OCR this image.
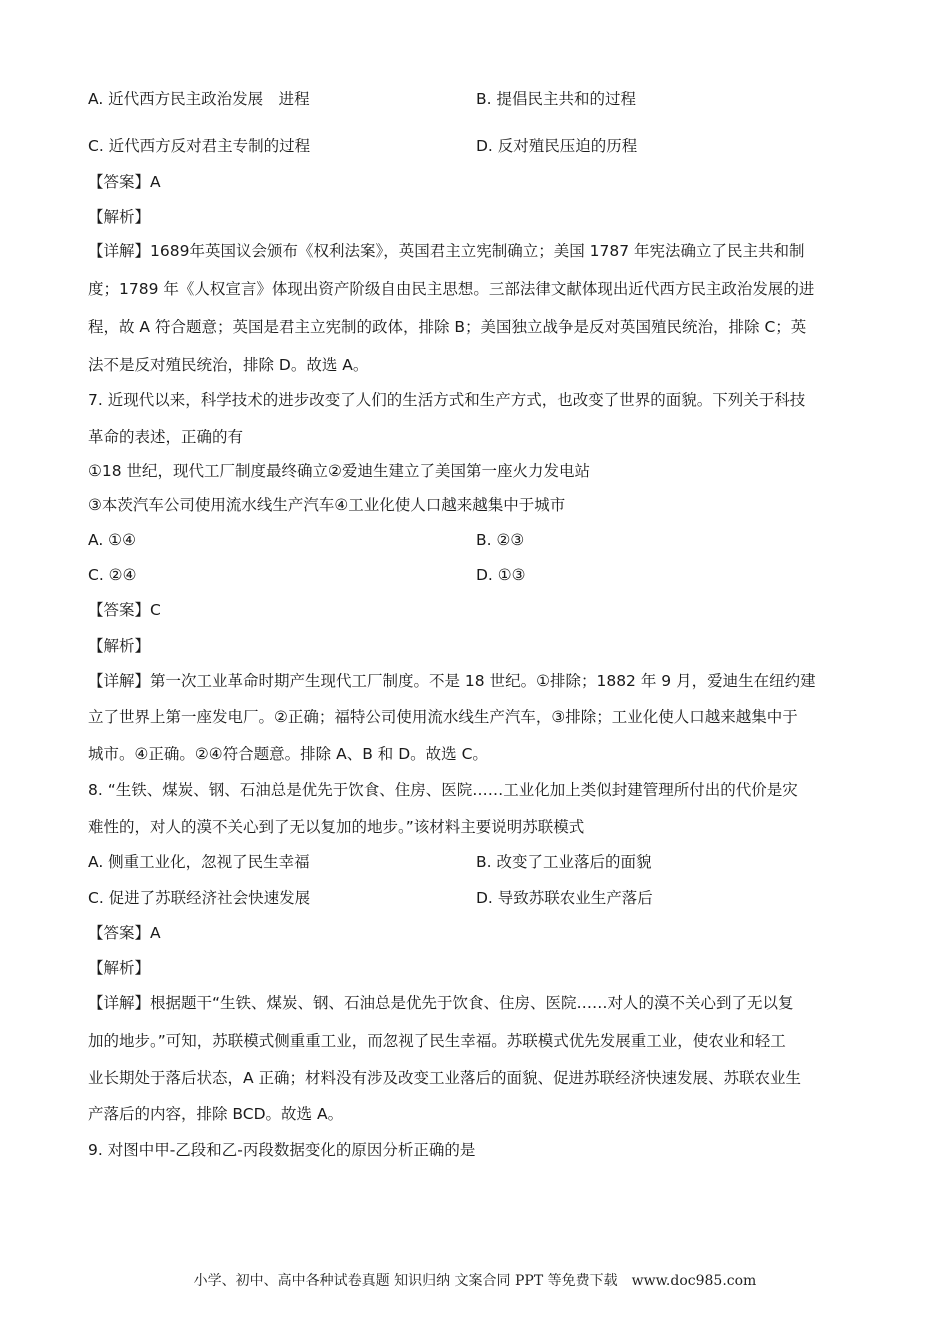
A. 近代西方民主政治发展　进程	B. 提倡民主共和的过程
C. 近代西方反对君主专制的过程	D. 反对殖民压迫的历程
【答案】A
【解析】
【详解】1689年英国议会颁布《权利法案》，英国君主立宪制确立；美国 1787 年宪法确立了民主共和制
度；1789 年《人权宣言》体现出资产阶级自由民主思想。三部法律文献体现出近代西方民主政治发展的进
程，故 A 符合题意；英国是君主立宪制的政体，排除 B；美国独立战争是反对英国殖民统治，排除 C；英
法不是反对殖民统治，排除 D。故选 A。
7. 近现代以来，科学技术的进步改变了人们的生活方式和生产方式，也改变了世界的面貌。下列关于科技
革命的表述，正确的有
①18 世纪，现代工厂制度最终确立②爱迪生建立了美国第一座火力发电站
③本茨汽车公司使用流水线生产汽车④工业化使人口越来越集中于城市
A. ①④	B. ②③
C. ②④	D. ①③
【答案】C
【解析】
【详解】第一次工业革命时期产生现代工厂制度。不是 18 世纪。①排除；1882 年 9 月，爱迪生在纽约建
立了世界上第一座发电厂。②正确；福特公司使用流水线生产汽车，③排除；工业化使人口越来越集中于
城市。④正确。②④符合题意。排除 A、B 和 D。故选 C。
8. “生铁、煤炭、钢、石油总是优先于饮食、住房、医院……工业化加上类似封建管理所付出的代价是灾
难性的，对人的漠不关心到了无以复加的地步。”该材料主要说明苏联模式
A. 侧重工业化，忽视了民生幸福	B. 改变了工业落后的面貌
C. 促进了苏联经济社会快速发展	D. 导致苏联农业生产落后
【答案】A
【解析】
【详解】根据题干“生铁、煤炭、钢、石油总是优先于饮食、住房、医院……对人的漠不关心到了无以复
加的地步。”可知，苏联模式侧重重工业，而忽视了民生幸福。苏联模式优先发展重工业，使农业和轻工
业长期处于落后状态，A 正确；材料没有涉及改变工业落后的面貌、促进苏联经济快速发展、苏联农业生
产落后的内容，排除 BCD。故选 A。
9. 对图中甲-乙段和乙-丙段数据变化的原因分析正确的是
小学、初中、高中各种试卷真题 知识归纳 文案合同 PPT 等免费下载　www.doc985.com
